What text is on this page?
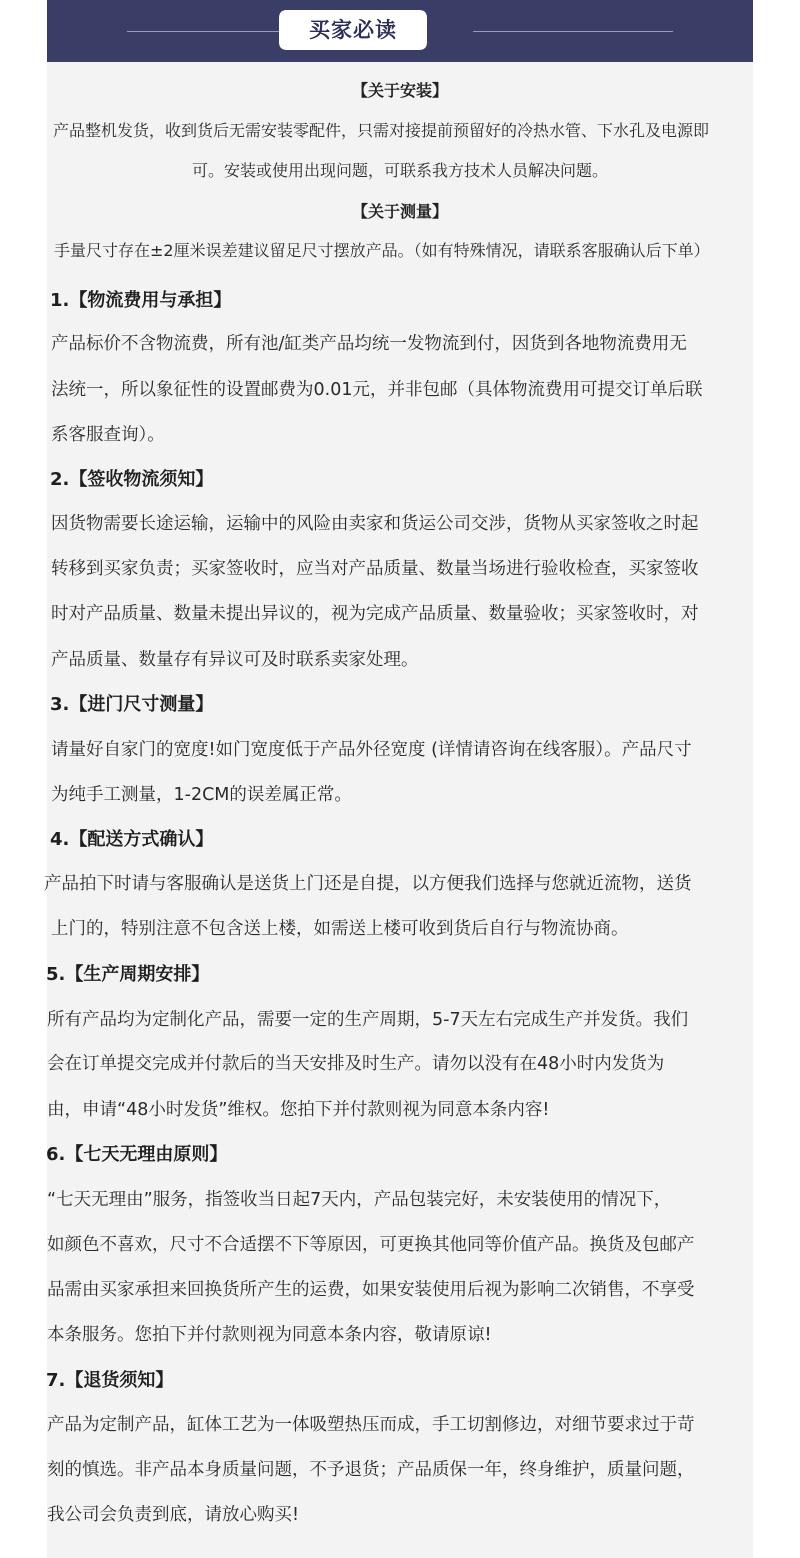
买家必读
【关于安装】
产品整机发货，收到货后无需安装零配件，只需对接提前预留好的冷热水管、下水孔及电源即
可。安装或使用出现问题，可联系我方技术人员解决问题。
【关于测量】
手量尺寸存在±2厘米误差建议留足尺寸摆放产品。（如有特殊情况，请联系客服确认后下单）
1.【物流费用与承担】
产品标价不含物流费，所有池/缸类产品均统一发物流到付，因货到各地物流费用无
法统一，所以象征性的设置邮费为0.01元，并非包邮（具体物流费用可提交订单后联
系客服查询）。
2.【签收物流须知】
因货物需要长途运输，运输中的风险由卖家和货运公司交涉，货物从买家签收之时起
转移到买家负责；买家签收时，应当对产品质量、数量当场进行验收检查，买家签收
时对产品质量、数量未提出异议的，视为完成产品质量、数量验收；买家签收时，对
产品质量、数量存有异议可及时联系卖家处理。
3.【进门尺寸测量】
请量好自家门的宽度!如门宽度低于产品外径宽度 (详情请咨询在线客服）。产品尺寸
为纯手工测量，1-2CM的误差属正常。
4.【配送方式确认】
产品拍下时请与客服确认是送货上门还是自提，以方便我们选择与您就近流物，送货
上门的，特别注意不包含送上楼，如需送上楼可收到货后自行与物流协商。
5.【生产周期安排】
所有产品均为定制化产品，需要一定的生产周期，5-7天左右完成生产并发货。我们
会在订单提交完成并付款后的当天安排及时生产。请勿以没有在48小时内发货为
由，申请“48小时发货”维权。您拍下并付款则视为同意本条内容!
6.【七天无理由原则】
“七天无理由”服务，指签收当日起7天内，产品包装完好，未安装使用的情况下，
如颜色不喜欢，尺寸不合适摆不下等原因，可更换其他同等价值产品。换货及包邮产
品需由买家承担来回换货所产生的运费，如果安装使用后视为影响二次销售，不享受
本条服务。您拍下并付款则视为同意本条内容，敬请原谅!
7.【退货须知】
产品为定制产品，缸体工艺为一体吸塑热压而成，手工切割修边，对细节要求过于苛
刻的慎选。非产品本身质量问题，不予退货；产品质保一年，终身维护，质量问题，
我公司会负责到底，请放心购买!
